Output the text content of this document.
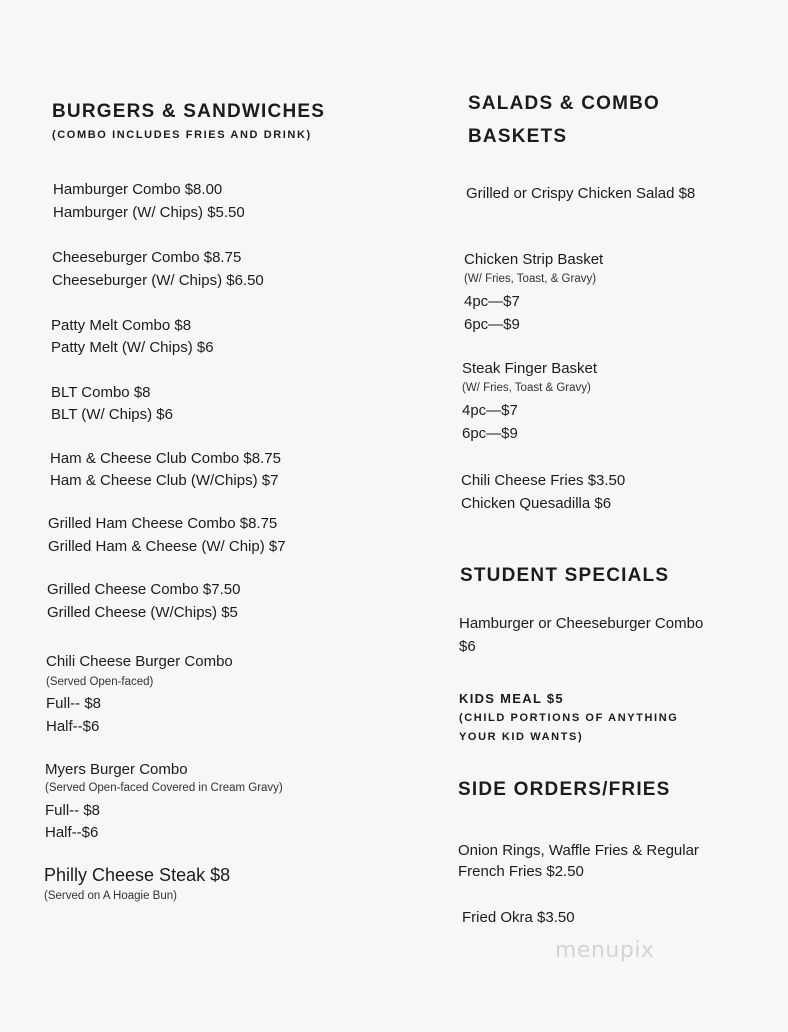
BURGERS & SANDWICHES
(COMBO INCLUDES FRIES AND DRINK)
Hamburger Combo $8.00
Hamburger (W/ Chips) $5.50
Cheeseburger Combo $8.75
Cheeseburger (W/ Chips) $6.50
Patty Melt Combo $8
Patty Melt (W/ Chips) $6
BLT Combo $8
BLT (W/ Chips) $6
Ham & Cheese Club Combo $8.75
Ham & Cheese Club (W/Chips) $7
Grilled Ham Cheese Combo $8.75
Grilled Ham & Cheese (W/ Chip) $7
Grilled Cheese Combo $7.50
Grilled Cheese (W/Chips) $5
Chili Cheese Burger Combo
(Served Open-faced)
Full-- $8
Half--$6
Myers Burger Combo
(Served Open-faced Covered in Cream Gravy)
Full-- $8
Half--$6
Philly Cheese Steak $8
(Served on A Hoagie Bun)
SALADS & COMBO
BASKETS
Grilled or Crispy Chicken Salad $8
Chicken Strip Basket
(W/ Fries, Toast, & Gravy)
4pc—$7
6pc—$9
Steak Finger Basket
(W/ Fries, Toast & Gravy)
4pc—$7
6pc—$9
Chili Cheese Fries $3.50
Chicken Quesadilla $6
STUDENT SPECIALS
Hamburger or Cheeseburger Combo
$6
KIDS MEAL $5
(CHILD PORTIONS OF ANYTHING
YOUR KID WANTS)
SIDE ORDERS/FRIES
Onion Rings, Waffle Fries & Regular
French Fries $2.50
Fried Okra $3.50
menupix
